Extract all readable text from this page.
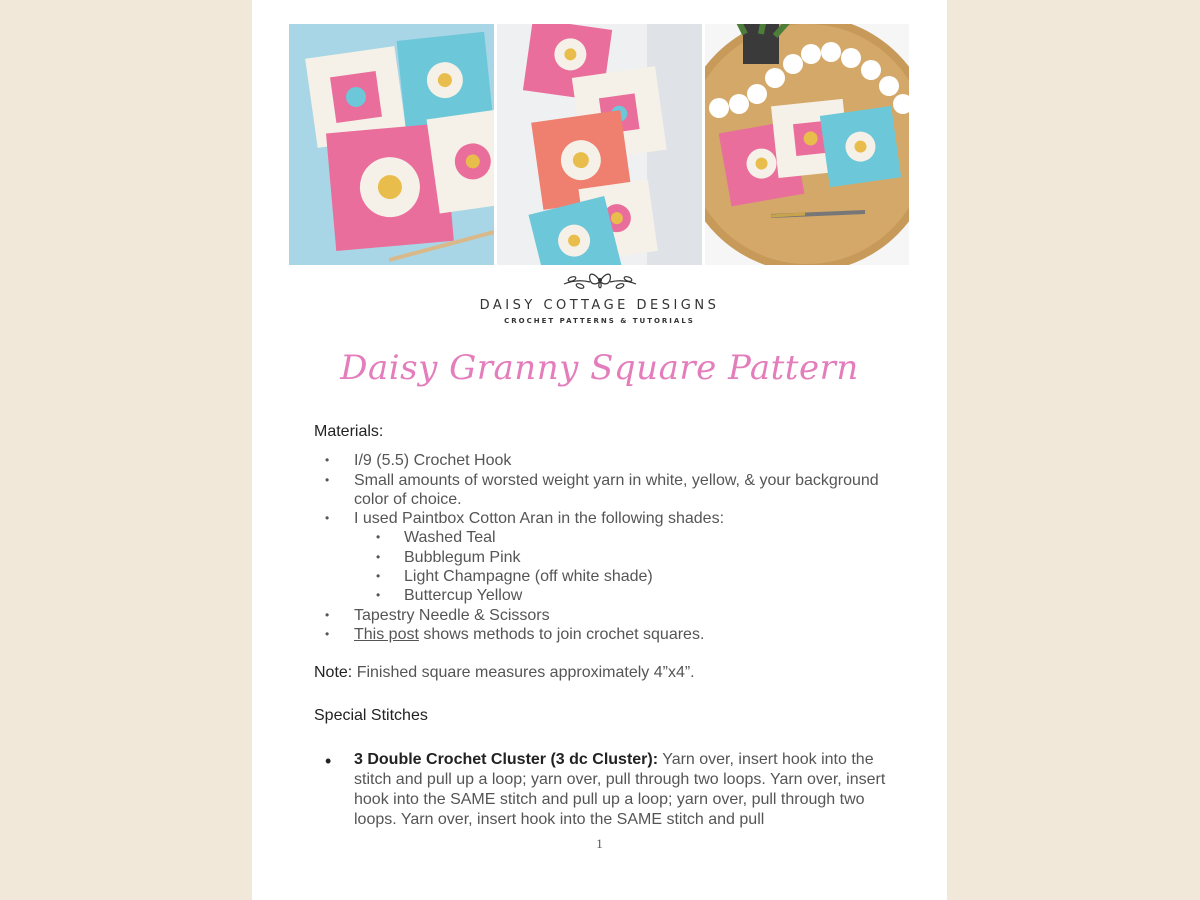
DAISY COTTAGE DESIGNS
CROCHET PATTERNS & TUTORIALS
Daisy Granny Square Pattern
Materials:
• I/9 (5.5) Crochet Hook
• Small amounts of worsted weight yarn in white, yellow, & your background color of choice.
• I used Paintbox Cotton Aran in the following shades:
• Washed Teal
• Bubblegum Pink
• Light Champagne (off white shade)
• Buttercup Yellow
• Tapestry Needle & Scissors
• This post shows methods to join crochet squares.
Note: Finished square measures approximately 4”x4”.
Special Stitches
• 3 Double Crochet Cluster (3 dc Cluster): Yarn over, insert hook into the stitch and pull up a loop; yarn over, pull through two loops. Yarn over, insert hook into the SAME stitch and pull up a loop; yarn over, pull through two loops. Yarn over, insert hook into the SAME stitch and pull
1
